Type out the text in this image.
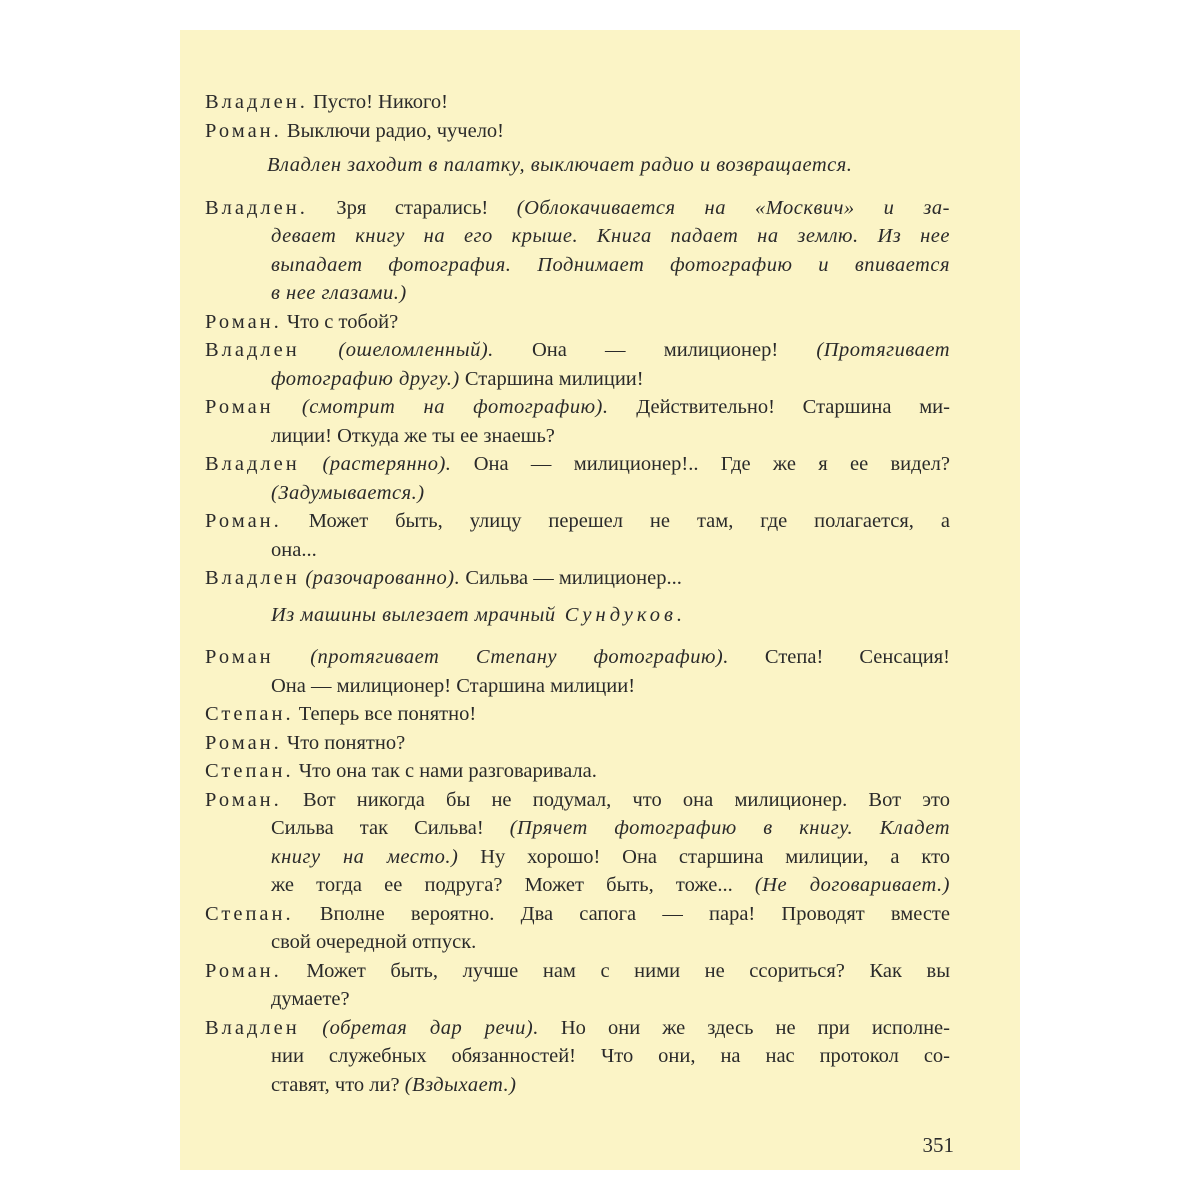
Владлен. Пусто! Никого!
Роман. Выключи радио, чучело!
Владлен заходит в палатку, выключает радио и возвращается.
Владлен. Зря старались! (Облокачивается на «Москвич» и за-
девает книгу на его крыше. Книга падает на землю. Из нее
выпадает фотография. Поднимает фотографию и впивается
в нее глазами.)
Роман. Что с тобой?
Владлен (ошеломленный). Она — милиционер! (Протягивает
фотографию другу.) Старшина милиции!
Роман (смотрит на фотографию). Действительно! Старшина ми-
лиции! Откуда же ты ее знаешь?
Владлен (растерянно). Она — милиционер!.. Где же я ее видел?
(Задумывается.)
Роман. Может быть, улицу перешел не там, где полагается, а
она...
Владлен (разочарованно). Сильва — милиционер...
Из машины вылезает мрачный Сундуков.
Роман (протягивает Степану фотографию). Степа! Сенсация!
Она — милиционер! Старшина милиции!
Степан. Теперь все понятно!
Роман. Что понятно?
Степан. Что она так с нами разговаривала.
Роман. Вот никогда бы не подумал, что она милиционер. Вот это
Сильва так Сильва! (Прячет фотографию в книгу. Кладет
книгу на место.) Ну хорошо! Она старшина милиции, а кто
же тогда ее подруга? Может быть, тоже... (Не договаривает.)
Степан. Вполне вероятно. Два сапога — пара! Проводят вместе
свой очередной отпуск.
Роман. Может быть, лучше нам с ними не ссориться? Как вы
думаете?
Владлен (обретая дар речи). Но они же здесь не при исполне-
нии служебных обязанностей! Что они, на нас протокол со-
ставят, что ли? (Вздыхает.)
351
